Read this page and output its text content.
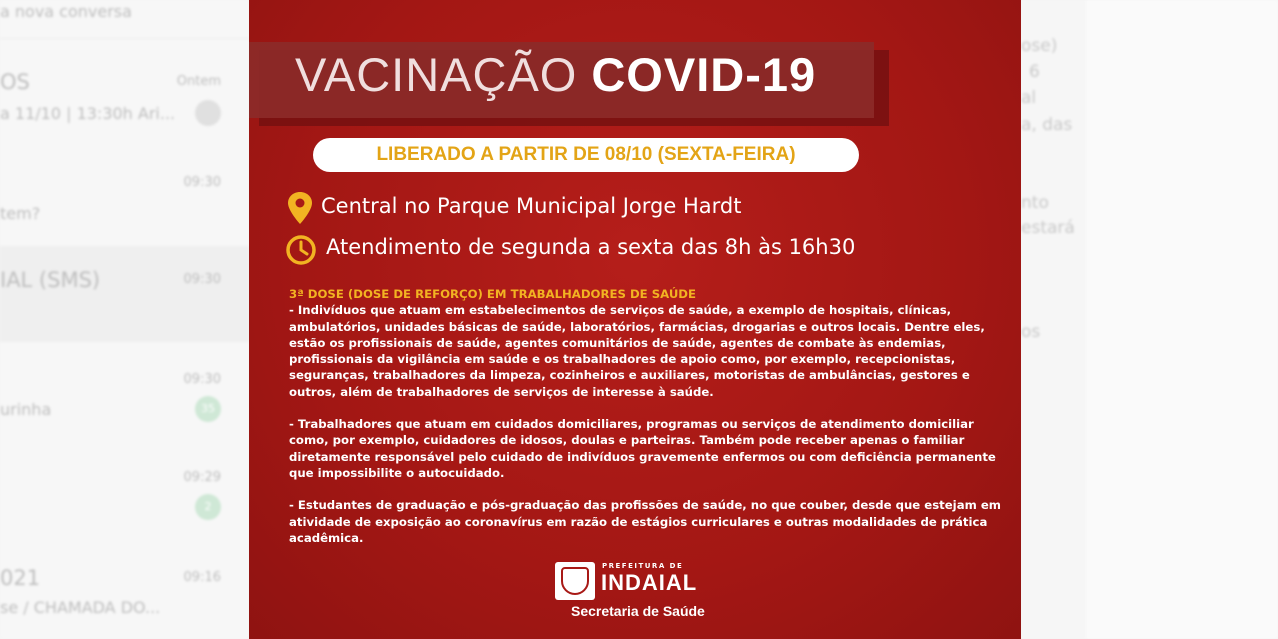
a nova conversa
OS	Ontem
a 11/10 | 13:30h Ari...
09:30
tem?
IAL (SMS)	09:30
09:30
urinha	35
09:29
2
021	09:16
se / CHAMADA DO...
ose)
6
al
a, das
nto
estará
os
VACINAÇÃO COVID-19
LIBERADO A PARTIR DE 08/10 (SEXTA-FEIRA)
Central no Parque Municipal Jorge Hardt
Atendimento de segunda a sexta das 8h às 16h30

3ª DOSE (DOSE DE REFORÇO) EM TRABALHADORES DE SAÚDE

- Indivíduos que atuam em estabelecimentos de serviços de saúde, a exemplo de hospitais, clínicas, ambulatórios, unidades básicas de saúde, laboratórios, farmácias, drogarias e outros locais. Dentre eles, estão os profissionais de saúde, agentes comunitários de saúde, agentes de combate às endemias, profissionais da vigilância em saúde e os trabalhadores de apoio como, por exemplo, recepcionistas, seguranças, trabalhadores da limpeza, cozinheiros e auxiliares, motoristas de ambulâncias, gestores e outros, além de trabalhadores de serviços de interesse à saúde.

- Trabalhadores que atuam em cuidados domiciliares, programas ou serviços de atendimento domiciliar como, por exemplo, cuidadores de idosos, doulas e parteiras. Também pode receber apenas o familiar diretamente responsável pelo cuidado de indivíduos gravemente enfermos ou com deficiência permanente que impossibilite o autocuidado.

- Estudantes de graduação e pós-graduação das profissões de saúde, no que couber, desde que estejam em atividade de exposição ao coronavírus em razão de estágios curriculares e outras modalidades de prática acadêmica.

PREFEITURA DE
INDAIAL
Secretaria de Saúde
